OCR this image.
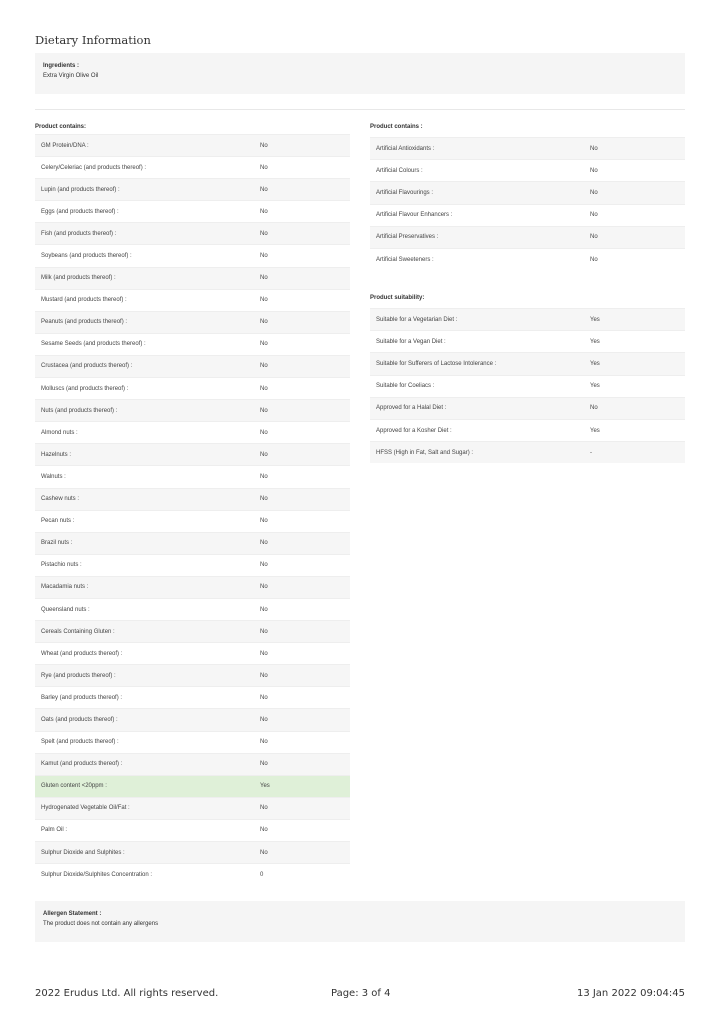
Dietary Information
Ingredients :
Extra Virgin Olive Oil
Product contains:
GM Protein/DNA :	No
Celery/Celeriac (and products thereof) :	No
Lupin (and products thereof) :	No
Eggs (and products thereof) :	No
Fish (and products thereof) :	No
Soybeans (and products thereof) :	No
Milk (and products thereof) :	No
Mustard (and products thereof) :	No
Peanuts (and products thereof) :	No
Sesame Seeds (and products thereof) :	No
Crustacea (and products thereof) :	No
Molluscs (and products thereof) :	No
Nuts (and products thereof) :	No
Almond nuts :	No
Hazelnuts :	No
Walnuts :	No
Cashew nuts :	No
Pecan nuts :	No
Brazil nuts :	No
Pistachio nuts :	No
Macadamia nuts :	No
Queensland nuts :	No
Cereals Containing Gluten :	No
Wheat (and products thereof) :	No
Rye (and products thereof) :	No
Barley (and products thereof) :	No
Oats (and products thereof) :	No
Spelt (and products thereof) :	No
Kamut (and products thereof) :	No
Gluten content <20ppm :	Yes
Hydrogenated Vegetable Oil/Fat :	No
Palm Oil :	No
Sulphur Dioxide and Sulphites :	No
Sulphur Dioxide/Sulphites Concentration :	0
Product contains :
Artificial Antioxidants :	No
Artificial Colours :	No
Artificial Flavourings :	No
Artificial Flavour Enhancers :	No
Artificial Preservatives :	No
Artificial Sweeteners :	No
Product suitability:
Suitable for a Vegetarian Diet :	Yes
Suitable for a Vegan Diet :	Yes
Suitable for Sufferers of Lactose Intolerance :	Yes
Suitable for Coeliacs :	Yes
Approved for a Halal Diet :	No
Approved for a Kosher Diet :	Yes
HFSS (High in Fat, Salt and Sugar) :	-
Allergen Statement :
The product does not contain any allergens
2022 Erudus Ltd. All rights reserved.	Page: 3 of 4	13 Jan 2022 09:04:45
